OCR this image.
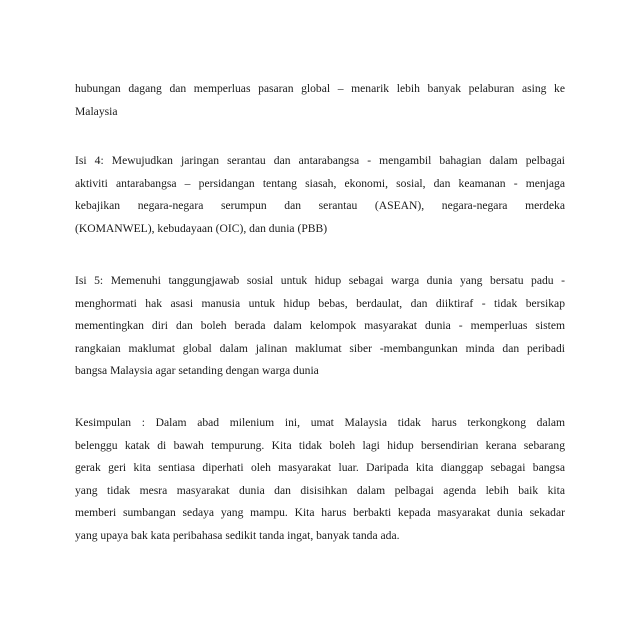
hubungan dagang dan memperluas pasaran global – menarik lebih banyak pelaburan asing ke
Malaysia
Isi 4: Mewujudkan jaringan serantau dan antarabangsa - mengambil bahagian dalam pelbagai
aktiviti antarabangsa – persidangan tentang siasah, ekonomi, sosial, dan keamanan - menjaga
kebajikan negara-negara serumpun dan serantau (ASEAN), negara-negara merdeka
(KOMANWEL), kebudayaan (OIC), dan dunia (PBB)
Isi 5: Memenuhi tanggungjawab sosial untuk hidup sebagai warga dunia yang bersatu padu -
menghormati hak asasi manusia untuk hidup bebas, berdaulat, dan diiktiraf - tidak bersikap
mementingkan diri dan boleh berada dalam kelompok masyarakat dunia - memperluas sistem
rangkaian maklumat global dalam jalinan maklumat siber -membangunkan minda dan peribadi
bangsa Malaysia agar setanding dengan warga dunia
Kesimpulan : Dalam abad milenium ini, umat Malaysia tidak harus terkongkong dalam
belenggu katak di bawah tempurung. Kita tidak boleh lagi hidup bersendirian kerana sebarang
gerak geri kita sentiasa diperhati oleh masyarakat luar. Daripada kita dianggap sebagai bangsa
yang tidak mesra masyarakat dunia dan disisihkan dalam pelbagai agenda lebih baik kita
memberi sumbangan sedaya yang mampu. Kita harus berbakti kepada masyarakat dunia sekadar
yang upaya bak kata peribahasa sedikit tanda ingat, banyak tanda ada.
